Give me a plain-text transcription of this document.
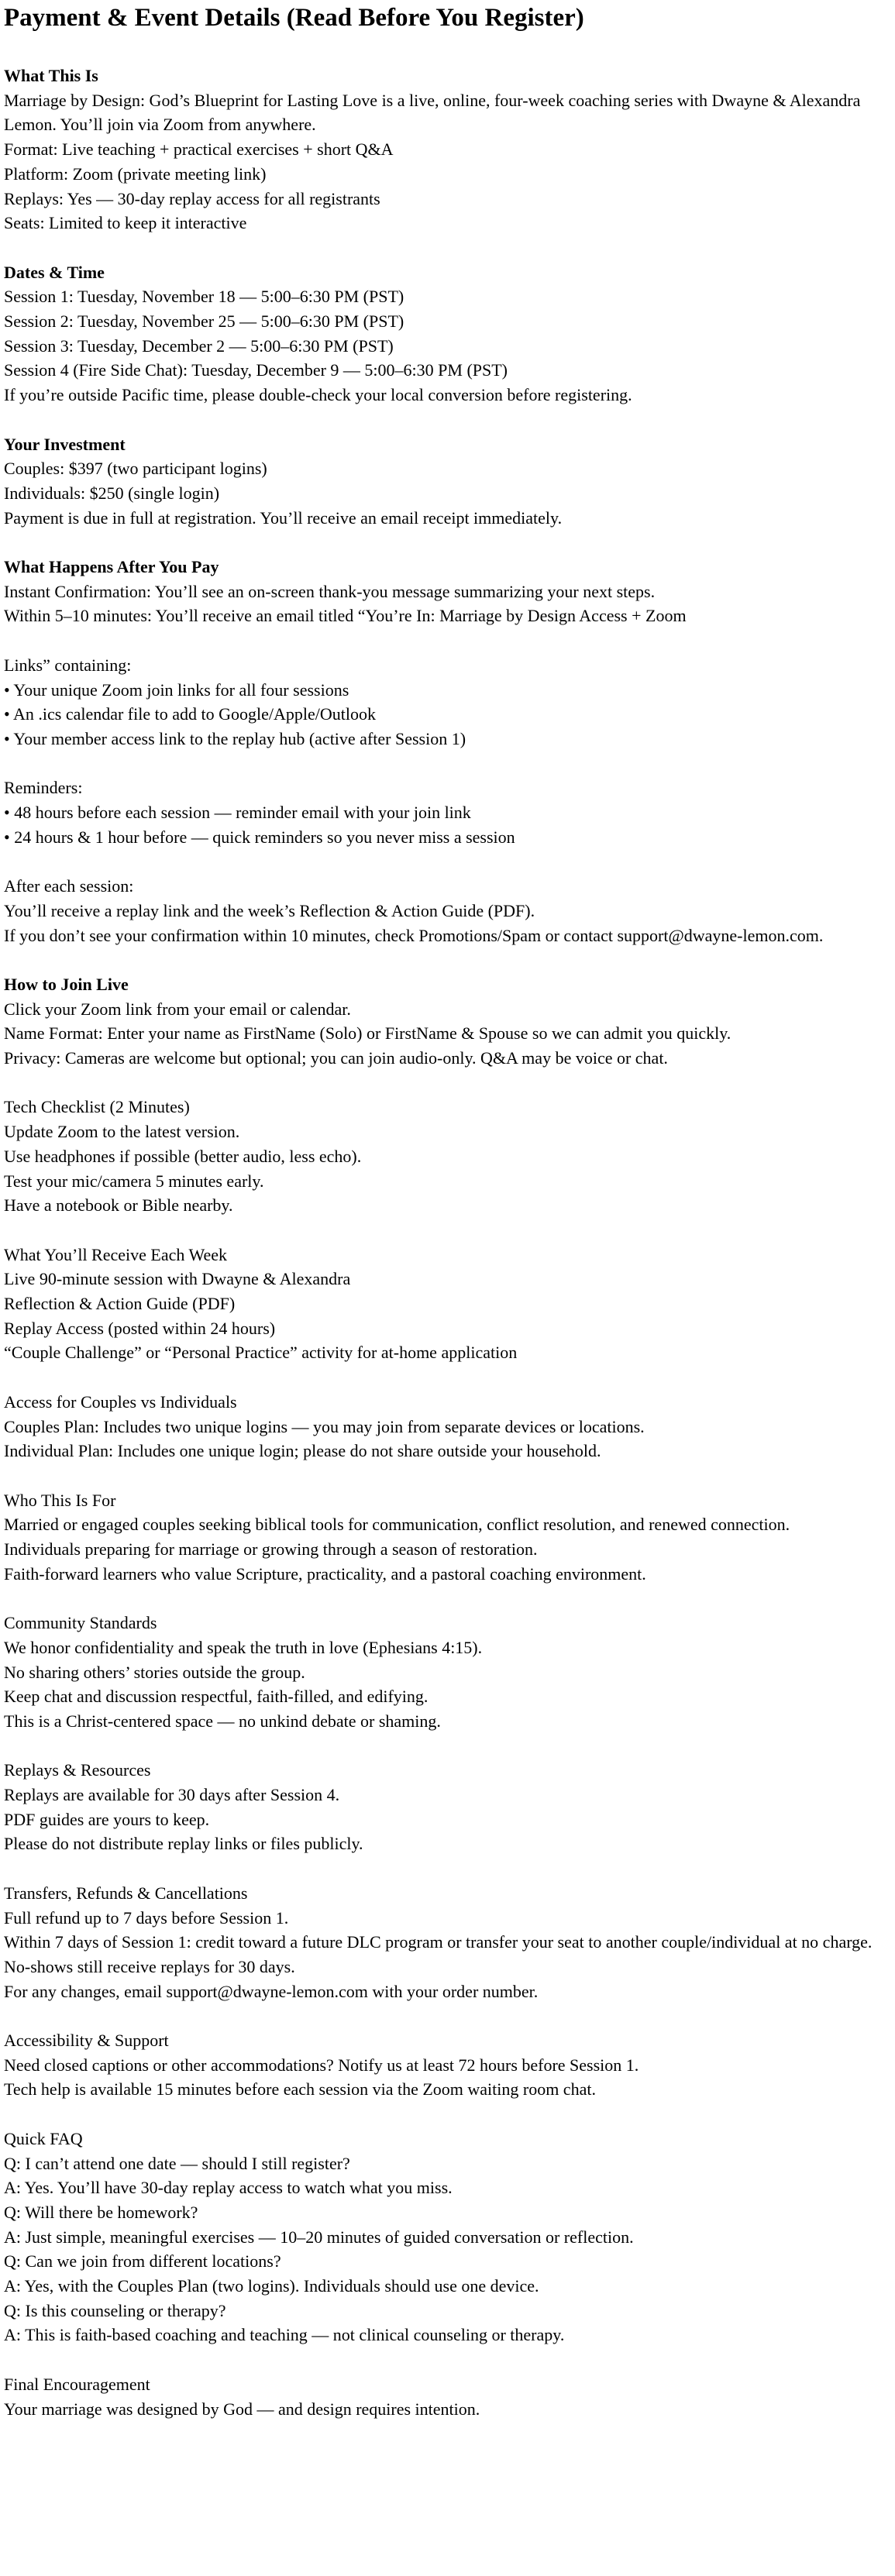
Payment & Event Details (Read Before You Register)
What This Is
Marriage by Design: God’s Blueprint for Lasting Love is a live, online, four-week coaching series with Dwayne & Alexandra Lemon. You’ll join via Zoom from anywhere.
Format: Live teaching + practical exercises + short Q&A
Platform: Zoom (private meeting link)
Replays: Yes — 30-day replay access for all registrants
Seats: Limited to keep it interactive
Dates & Time
Session 1: Tuesday, November 18 — 5:00–6:30 PM (PST)
Session 2: Tuesday, November 25 — 5:00–6:30 PM (PST)
Session 3: Tuesday, December 2 — 5:00–6:30 PM (PST)
Session 4 (Fire Side Chat): Tuesday, December 9 — 5:00–6:30 PM (PST)
If you’re outside Pacific time, please double-check your local conversion before registering.
Your Investment
Couples: $397 (two participant logins)
Individuals: $250 (single login)
Payment is due in full at registration. You’ll receive an email receipt immediately.
What Happens After You Pay
Instant Confirmation: You’ll see an on-screen thank-you message summarizing your next steps.
Within 5–10 minutes: You’ll receive an email titled “You’re In: Marriage by Design Access + Zoom
Links” containing:
• Your unique Zoom join links for all four sessions
• An .ics calendar file to add to Google/Apple/Outlook
• Your member access link to the replay hub (active after Session 1)
Reminders:
• 48 hours before each session — reminder email with your join link
• 24 hours & 1 hour before — quick reminders so you never miss a session
After each session:
You’ll receive a replay link and the week’s Reflection & Action Guide (PDF).
If you don’t see your confirmation within 10 minutes, check Promotions/Spam or contact support@dwayne-lemon.com.
How to Join Live
Click your Zoom link from your email or calendar.
Name Format: Enter your name as FirstName (Solo) or FirstName & Spouse so we can admit you quickly.
Privacy: Cameras are welcome but optional; you can join audio-only. Q&A may be voice or chat.
Tech Checklist (2 Minutes)
Update Zoom to the latest version.
Use headphones if possible (better audio, less echo).
Test your mic/camera 5 minutes early.
Have a notebook or Bible nearby.
What You’ll Receive Each Week
Live 90-minute session with Dwayne & Alexandra
Reflection & Action Guide (PDF)
Replay Access (posted within 24 hours)
“Couple Challenge” or “Personal Practice” activity for at-home application
Access for Couples vs Individuals
Couples Plan: Includes two unique logins — you may join from separate devices or locations.
Individual Plan: Includes one unique login; please do not share outside your household.
Who This Is For
Married or engaged couples seeking biblical tools for communication, conflict resolution, and renewed connection.
Individuals preparing for marriage or growing through a season of restoration.
Faith-forward learners who value Scripture, practicality, and a pastoral coaching environment.
Community Standards
We honor confidentiality and speak the truth in love (Ephesians 4:15).
No sharing others’ stories outside the group.
Keep chat and discussion respectful, faith-filled, and edifying.
This is a Christ-centered space — no unkind debate or shaming.
Replays & Resources
Replays are available for 30 days after Session 4.
PDF guides are yours to keep.
Please do not distribute replay links or files publicly.
Transfers, Refunds & Cancellations
Full refund up to 7 days before Session 1.
Within 7 days of Session 1: credit toward a future DLC program or transfer your seat to another couple/individual at no charge.
No-shows still receive replays for 30 days.
For any changes, email support@dwayne-lemon.com with your order number.
Accessibility & Support
Need closed captions or other accommodations? Notify us at least 72 hours before Session 1.
Tech help is available 15 minutes before each session via the Zoom waiting room chat.
Quick FAQ
Q: I can’t attend one date — should I still register?
A: Yes. You’ll have 30-day replay access to watch what you miss.
Q: Will there be homework?
A: Just simple, meaningful exercises — 10–20 minutes of guided conversation or reflection.
Q: Can we join from different locations?
A: Yes, with the Couples Plan (two logins). Individuals should use one device.
Q: Is this counseling or therapy?
A: This is faith-based coaching and teaching — not clinical counseling or therapy.
Final Encouragement
Your marriage was designed by God — and design requires intention.
